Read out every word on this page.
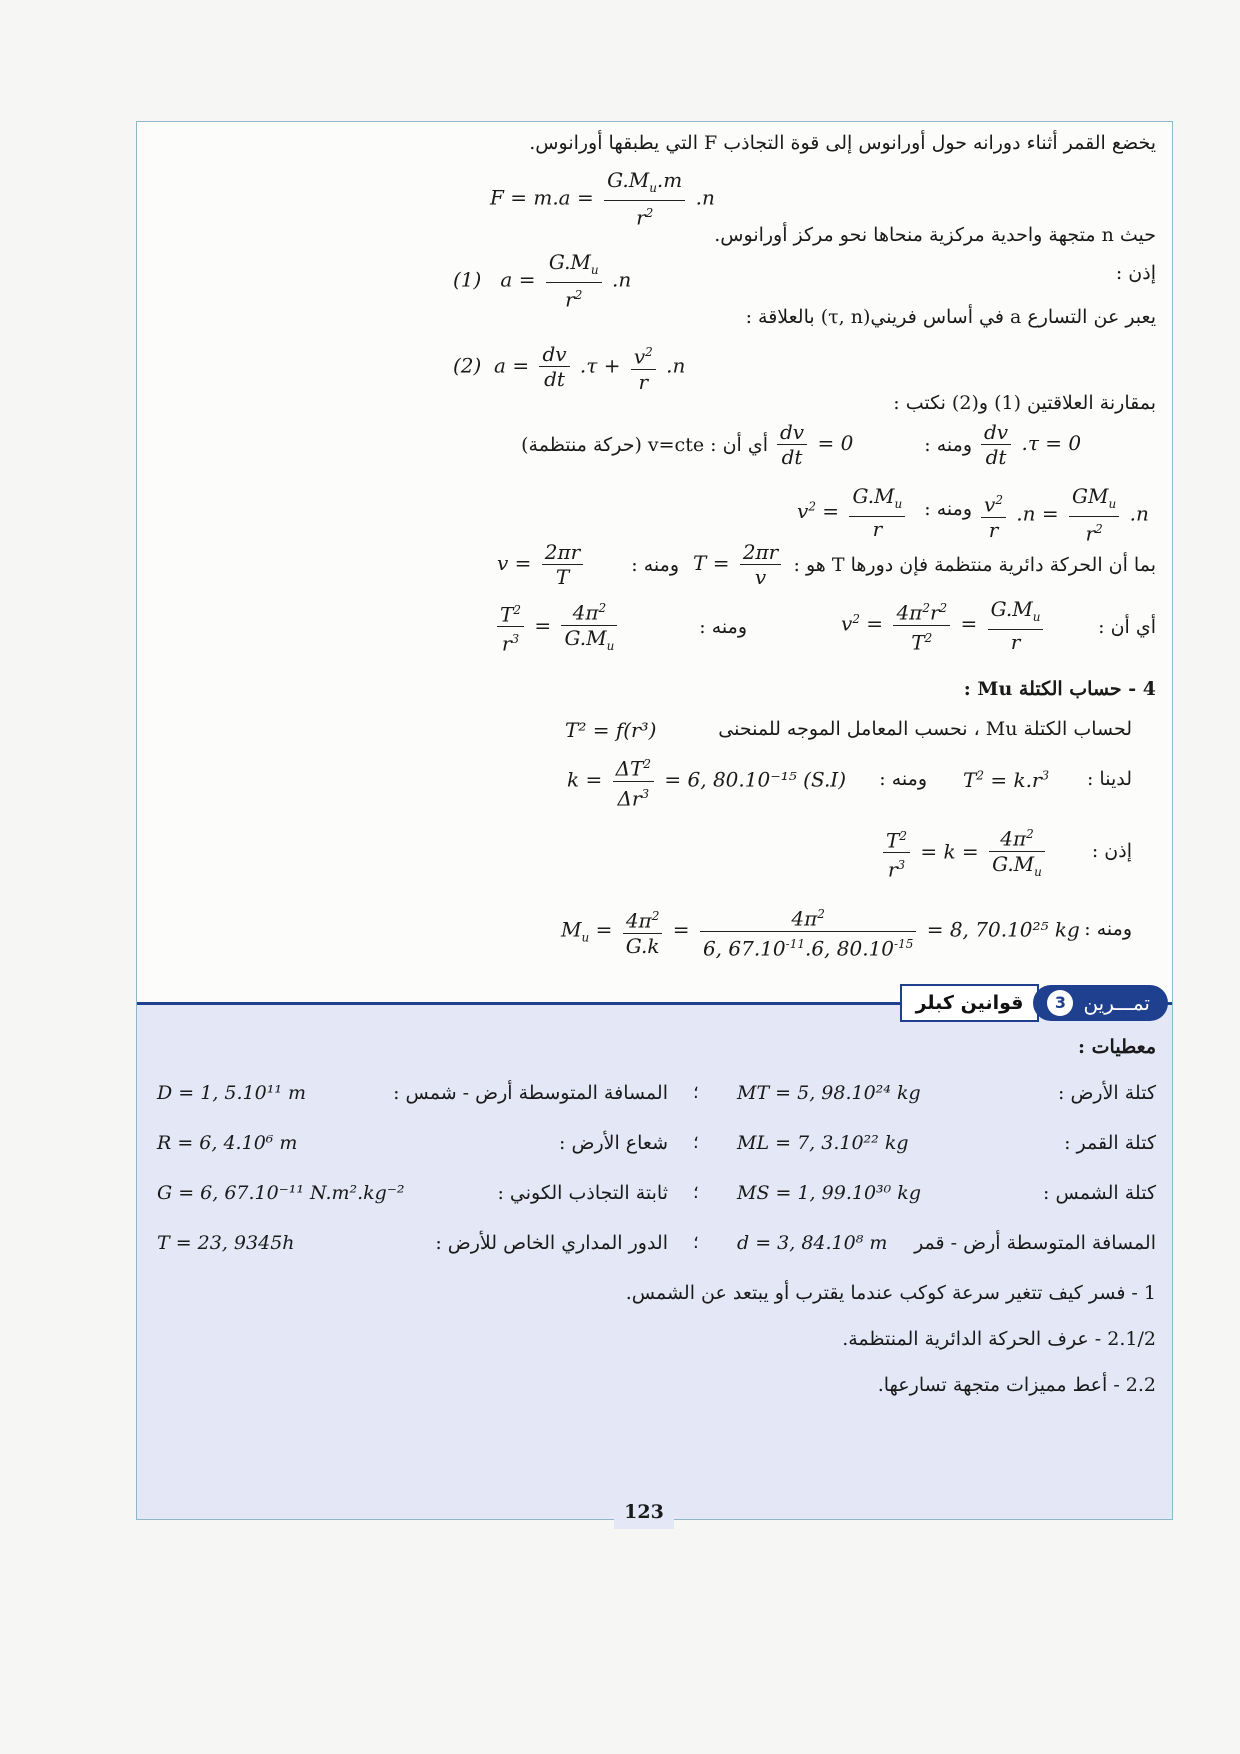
يخضع القمر أثناء دورانه حول أورانوس إلى قوة التجاذب F التي يطبقها أورانوس.
$F = m.a = \frac{G.M_u.m}{r^2} .n$
حيث n متجهة واحدية مركزية منحاها نحو مركز أورانوس.
إذن :
(1)   $a = \frac{G.M_u}{r^2} .n$
يعبر عن التسارع a في أساس فريني(τ, n) بالعلاقة :
(2)  $a = \frac{dv}{dt} .\tau + \frac{v^2}{r} .n$
بمقارنة العلاقتين (1) و(2) نكتب :
أي أن : v=cte (حركة منتظمة) $\frac{dv}{dt} = 0$	ومنه : $\frac{dv}{dt} .\tau = 0$
$v^2 = \frac{G.M_u}{r}$ ومنه : $\frac{v^2}{r} .n = \frac{GM_u}{r^2} .n$
بما أن الحركة دائرية منتظمة فإن دورها T هو :
$T = \frac{2\pi r}{v}$
ومنه :
$v = \frac{2\pi r}{T}$
أي أن :
$v^2 = \frac{4\pi^2r^2}{T^2} = \frac{G.M_u}{r}$
ومنه :
$\frac{T^2}{r^3} = \frac{4\pi^2}{G.M_u}$
4 - حساب الكتلة Mu :
لحساب الكتلة Mu ، نحسب المعامل الموجه للمنحنى
T² = f(r³)
لدينا :
$T^2 = k.r^3$
ومنه :
$k = \frac{\Delta T^2}{\Delta r^3} = 6$, 80.10⁻¹⁵ (S.I)
إذن :
$\frac{T^2}{r^3} = k = \frac{4\pi^2}{G.M_u}$
ومنه :
$M_u = \frac{4\pi^2}{G.k} = \frac{4\pi^2}{6, 67.10^{-11}.6, 80.10^{-15}} = 8$, 70.10²⁵ kg
قوانين كبلر	3 تمـــرين
معطيات :
كتلة الأرض :
MT = 5, 98.10²⁴ kg
؛
المسافة المتوسطة أرض - شمس :
D = 1, 5.10¹¹ m
كتلة القمر :
ML = 7, 3.10²² kg
؛
شعاع الأرض :
R = 6, 4.10⁶ m
كتلة الشمس :
MS = 1, 99.10³⁰ kg
؛
ثابتة التجاذب الكوني :
G = 6, 67.10⁻¹¹ N.m².kg⁻²
المسافة المتوسطة أرض - قمر
d = 3, 84.10⁸ m
؛
الدور المداري الخاص للأرض :
T = 23, 9345h
1 - فسر كيف تتغير سرعة كوكب عندما يقترب أو يبتعد عن الشمس.
2.1/2 - عرف الحركة الدائرية المنتظمة.
2.2 - أعط مميزات متجهة تسارعها.
123
